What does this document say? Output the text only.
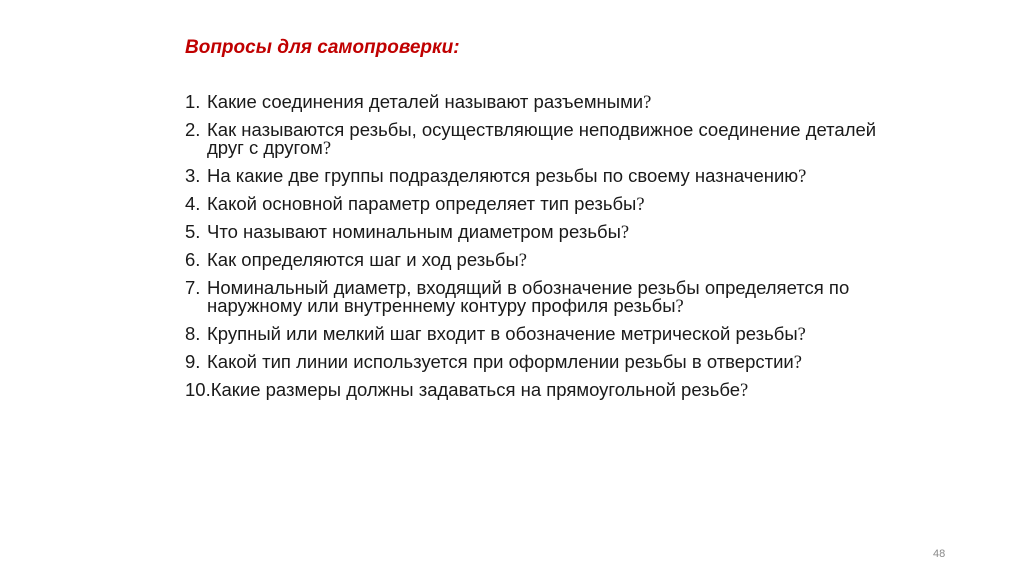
Вопросы для самопроверки:
1. Какие соединения деталей называют разъемными?
2. Как называются резьбы, осуществляющие неподвижное соединение деталей друг с другом?
3. На какие две группы подразделяются резьбы по своему назначению?
4. Какой основной параметр определяет тип резьбы?
5. Что называют номинальным диаметром резьбы?
6. Как определяются шаг и ход резьбы?
7. Номинальный диаметр, входящий в обозначение резьбы определяется по наружному или внутреннему контуру профиля резьбы?
8. Крупный или мелкий шаг входит в обозначение метрической резьбы?
9. Какой тип линии используется при оформлении резьбы в отверстии?
10.Какие размеры должны задаваться на прямоугольной резьбе?
48
